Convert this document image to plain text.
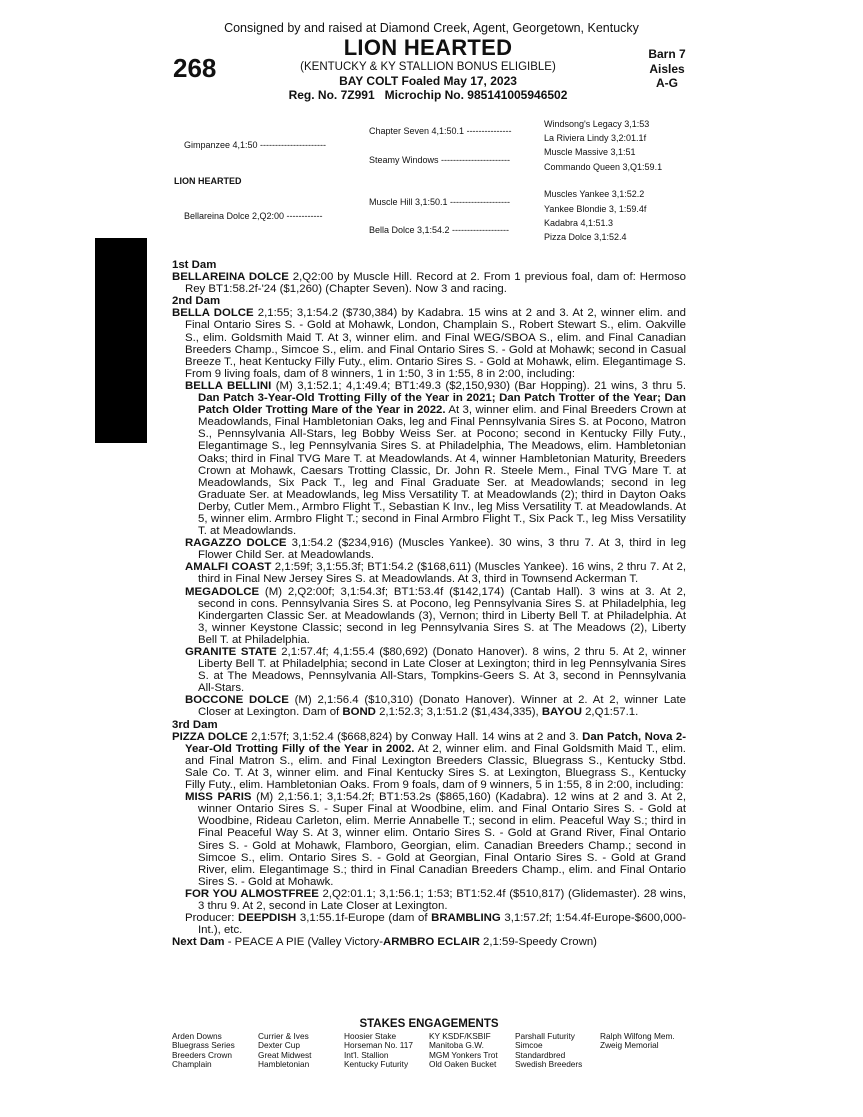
Consigned by and raised at Diamond Creek, Agent, Georgetown, Kentucky
268
LION HEARTED
(KENTUCKY & KY STALLION BONUS ELIGIBLE)
BAY COLT Foaled May 17, 2023
Reg. No. 7Z991   Microchip No. 985141005946502
Barn 7
Aisles
A-G
Gimpanzee 4,1:50 ----------------------
LION HEARTED
Bellareina Dolce 2,Q2:00 ------------
Chapter Seven 4,1:50.1 ---------------
Steamy Windows -----------------------
Muscle Hill 3,1:50.1 --------------------
Bella Dolce 3,1:54.2 -------------------
Windsong's Legacy 3,1:53
La Riviera Lindy 3,2:01.1f
Muscle Massive 3,1:51
Commando Queen 3,Q1:59.1
Muscles Yankee 3,1:52.2
Yankee Blondie 3, 1:59.4f
Kadabra 4,1:51.3
Pizza Dolce 3,1:52.4
1st Dam

BELLAREINA DOLCE 2,Q2:00 by Muscle Hill. Record at 2. From 1 previous foal, dam of: Hermoso Rey BT1:58.2f-'24 ($1,260) (Chapter Seven). Now 3 and racing.

2nd Dam

BELLA DOLCE 2,1:55; 3,1:54.2 ($730,384) by Kadabra. 15 wins at 2 and 3. At 2, winner elim. and Final Ontario Sires S. - Gold at Mohawk, London, Champlain S., Robert Stewart S., elim. Oakville S., elim. Goldsmith Maid T. At 3, winner elim. and Final WEG/SBOA S., elim. and Final Canadian Breeders Champ., Simcoe S., elim. and Final Ontario Sires S. - Gold at Mohawk; second in Casual Breeze T., heat Kentucky Filly Futy., elim. Ontario Sires S. - Gold at Mohawk, elim. Elegantimage S. From 9 living foals, dam of 8 winners, 1 in 1:50, 3 in 1:55, 8 in 2:00, including:

BELLA BELLINI (M) 3,1:52.1; 4,1:49.4; BT1:49.3 ($2,150,930) (Bar Hopping). 21 wins, 3 thru 5. Dan Patch 3-Year-Old Trotting Filly of the Year in 2021; Dan Patch Trotter of the Year; Dan Patch Older Trotting Mare of the Year in 2022. At 3, winner elim. and Final Breeders Crown at Meadowlands, Final Hambletonian Oaks, leg and Final Pennsylvania Sires S. at Pocono, Matron S., Pennsylvania All-Stars, leg Bobby Weiss Ser. at Pocono; second in Kentucky Filly Futy., Elegantimage S., leg Pennsylvania Sires S. at Philadelphia, The Meadows, elim. Hambletonian Oaks; third in Final TVG Mare T. at Meadowlands. At 4, winner Hambletonian Maturity, Breeders Crown at Mohawk, Caesars Trotting Classic, Dr. John R. Steele Mem., Final TVG Mare T. at Meadowlands, Six Pack T., leg and Final Graduate Ser. at Meadowlands; second in leg Graduate Ser. at Meadowlands, leg Miss Versatility T. at Meadowlands (2); third in Dayton Oaks Derby, Cutler Mem., Armbro Flight T., Sebastian K Inv., leg Miss Versatility T. at Meadowlands. At 5, winner elim. Armbro Flight T.; second in Final Armbro Flight T., Six Pack T., leg Miss Versatility T. at Meadowlands.

RAGAZZO DOLCE 3,1:54.2 ($234,916) (Muscles Yankee). 30 wins, 3 thru 7. At 3, third in leg Flower Child Ser. at Meadowlands.

AMALFI COAST 2,1:59f; 3,1:55.3f; BT1:54.2 ($168,611) (Muscles Yankee). 16 wins, 2 thru 7. At 2, third in Final New Jersey Sires S. at Meadowlands. At 3, third in Townsend Ackerman T.

MEGADOLCE (M) 2,Q2:00f; 3,1:54.3f; BT1:53.4f ($142,174) (Cantab Hall). 3 wins at 3. At 2, second in cons. Pennsylvania Sires S. at Pocono, leg Pennsylvania Sires S. at Philadelphia, leg Kindergarten Classic Ser. at Meadowlands (3), Vernon; third in Liberty Bell T. at Philadelphia. At 3, winner Keystone Classic; second in leg Pennsylvania Sires S. at The Meadows (2), Liberty Bell T. at Philadelphia.

GRANITE STATE 2,1:57.4f; 4,1:55.4 ($80,692) (Donato Hanover). 8 wins, 2 thru 5. At 2, winner Liberty Bell T. at Philadelphia; second in Late Closer at Lexington; third in leg Pennsylvania Sires S. at The Meadows, Pennsylvania All-Stars, Tompkins-Geers S. At 3, second in Pennsylvania All-Stars.

BOCCONE DOLCE (M) 2,1:56.4 ($10,310) (Donato Hanover). Winner at 2. At 2, winner Late Closer at Lexington. Dam of BOND 2,1:52.3; 3,1:51.2 ($1,434,335), BAYOU 2,Q1:57.1.

3rd Dam

PIZZA DOLCE 2,1:57f; 3,1:52.4 ($668,824) by Conway Hall. 14 wins at 2 and 3. Dan Patch, Nova 2-Year-Old Trotting Filly of the Year in 2002. At 2, winner elim. and Final Goldsmith Maid T., elim. and Final Matron S., elim. and Final Lexington Breeders Classic, Bluegrass S., Kentucky Stbd. Sale Co. T. At 3, winner elim. and Final Kentucky Sires S. at Lexington, Bluegrass S., Kentucky Filly Futy., elim. Hambletonian Oaks. From 9 foals, dam of 9 winners, 5 in 1:55, 8 in 2:00, including:

MISS PARIS (M) 2,1:56.1; 3,1:54.2f; BT1:53.2s ($865,160) (Kadabra). 12 wins at 2 and 3. At 2, winner Ontario Sires S. - Super Final at Woodbine, elim. and Final Ontario Sires S. - Gold at Woodbine, Rideau Carleton, elim. Merrie Annabelle T.; second in elim. Peaceful Way S.; third in Final Peaceful Way S. At 3, winner elim. Ontario Sires S. - Gold at Grand River, Final Ontario Sires S. - Gold at Mohawk, Flamboro, Georgian, elim. Canadian Breeders Champ.; second in Simcoe S., elim. Ontario Sires S. - Gold at Georgian, Final Ontario Sires S. - Gold at Grand River, elim. Elegantimage S.; third in Final Canadian Breeders Champ., elim. and Final Ontario Sires S. - Gold at Mohawk.

FOR YOU ALMOSTFREE 2,Q2:01.1; 3,1:56.1; 1:53; BT1:52.4f ($510,817) (Glidemaster). 28 wins, 3 thru 9. At 2, second in Late Closer at Lexington.

Producer: DEEPDISH 3,1:55.1f-Europe (dam of BRAMBLING 3,1:57.2f; 1:54.4f-Europe-$600,000-Int.), etc.

Next Dam - PEACE A PIE (Valley Victory-ARMBRO ECLAIR 2,1:59-Speedy Crown)

STAKES ENGAGEMENTS
Arden Downs
Bluegrass Series
Breeders Crown
Champlain
Currier & Ives
Dexter Cup
Great Midwest
Hambletonian
Hoosier Stake
Horseman No. 117
Int'l. Stallion
Kentucky Futurity
KY KSDF/KSBIF
Manitoba G.W.
MGM Yonkers Trot
Old Oaken Bucket
Parshall Futurity
Simcoe
Standardbred
Swedish Breeders
Ralph Wilfong Mem.
Zweig Memorial
